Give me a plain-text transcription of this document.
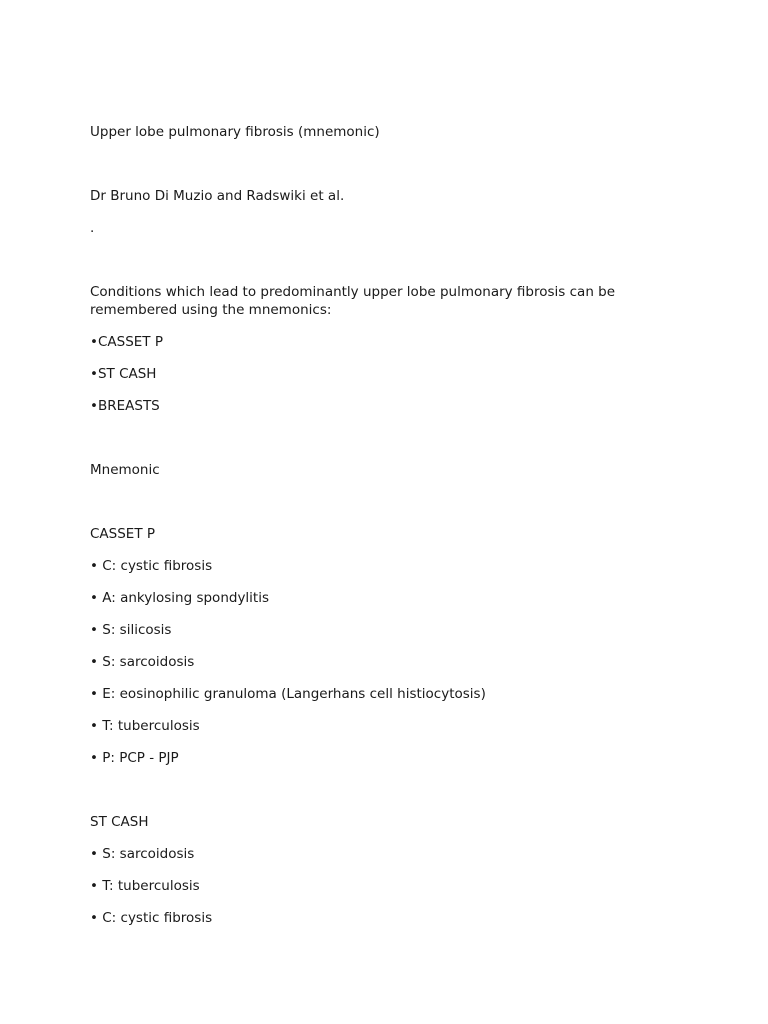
Upper lobe pulmonary fibrosis (mnemonic)

Dr Bruno Di Muzio and Radswiki et al.

.

Conditions which lead to predominantly upper lobe pulmonary fibrosis can be remembered using the mnemonics:

•CASSET P

•ST CASH

•BREASTS

Mnemonic

CASSET P

• C: cystic fibrosis

• A: ankylosing spondylitis

• S: silicosis

• S: sarcoidosis

• E: eosinophilic granuloma (Langerhans cell histiocytosis)

• T: tuberculosis

• P: PCP - PJP

ST CASH

• S: sarcoidosis

• T: tuberculosis

• C: cystic fibrosis
